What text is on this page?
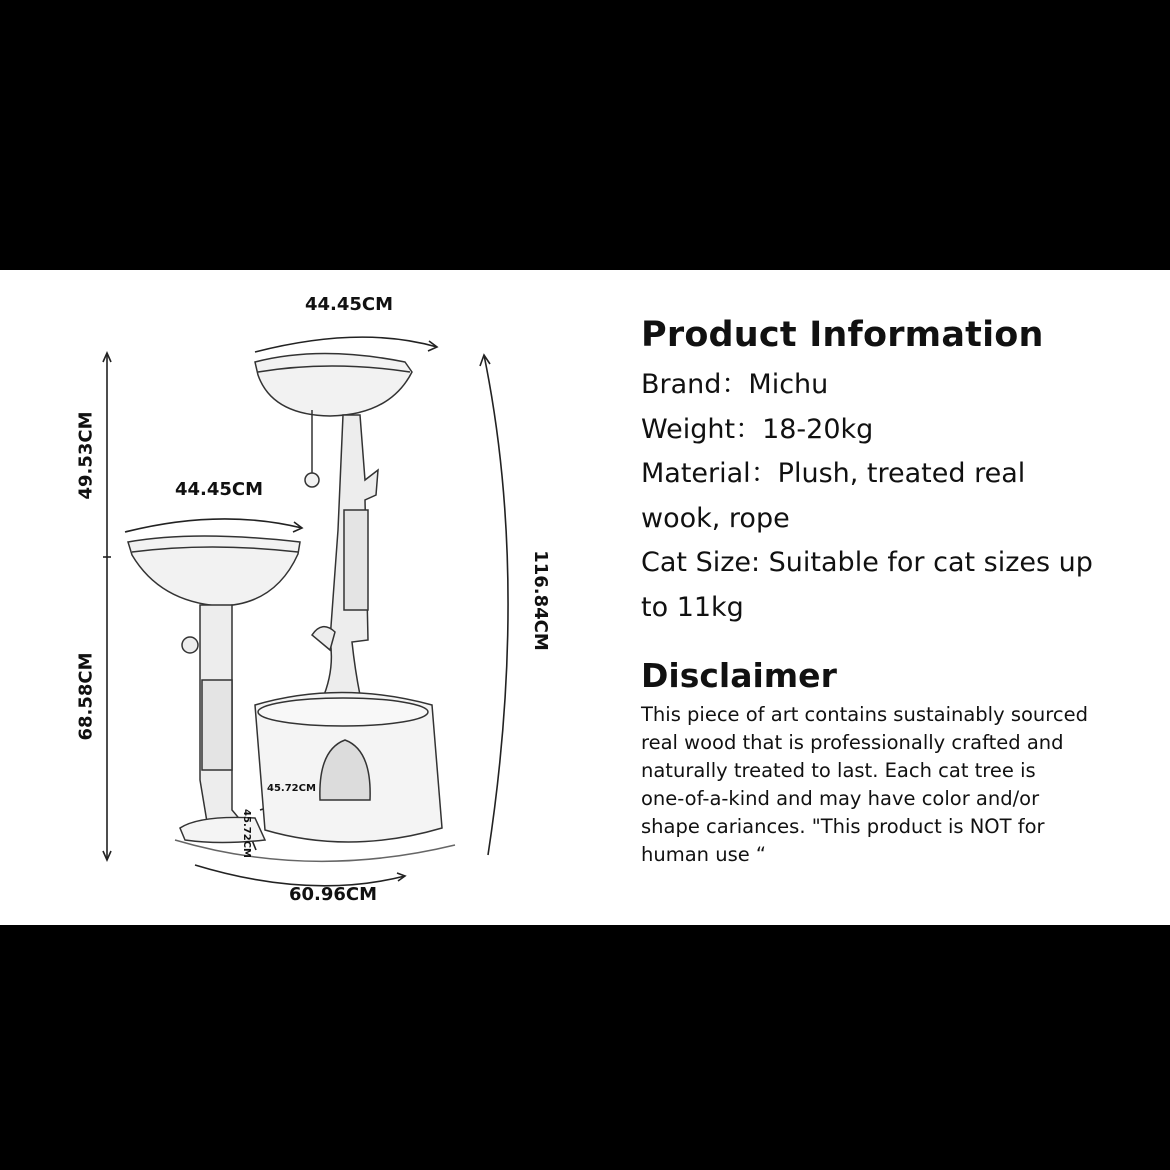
44.45CM
44.45CM
49.53CM
68.58CM
116.84CM
60.96CM
45.72CM
45.72CM
Product Information
Brand：Michu
Weight：18-20kg
Material：Plush, treated real
wook, rope
Cat Size: Suitable for cat sizes up
to 11kg
Disclaimer
This piece of art contains sustainably sourced
real wood that is professionally crafted and
naturally treated to last. Each cat tree is
one-of-a-kind and may have color and/or
shape cariances. "This product is NOT for
human use “
